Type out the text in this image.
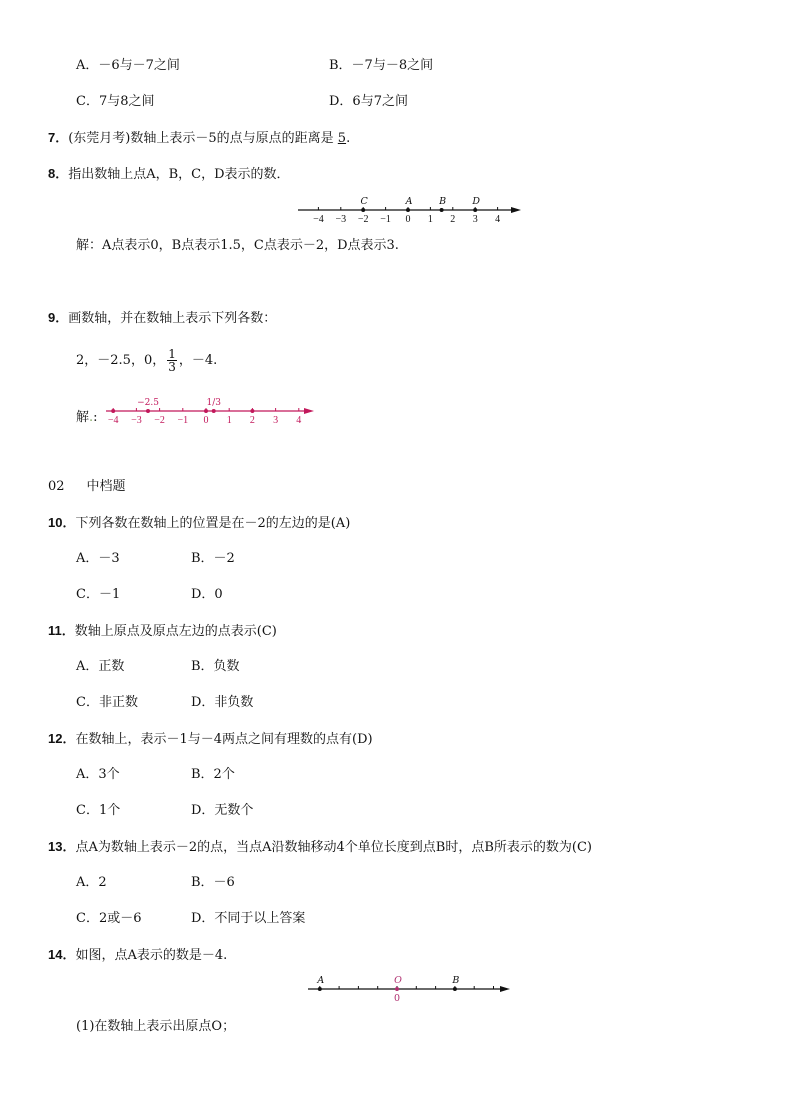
A．－6与－7之间	B．－7与－8之间
C．7与8之间	D．6与7之间
7．(东莞月考)数轴上表示－5的点与原点的距离是 5.
8．指出数轴上点A，B，C，D表示的数．
解：A点表示0，B点表示1.5，C点表示－2，D点表示3.
9．画数轴，并在数轴上表示下列各数：
2，－2.5，0， $\frac{1}{3}$ ，－4.
解.:
02 中档题
10．下列各数在数轴上的位置是在－2的左边的是(A)
A．－3	B．－2
C．－1	D．0
11．数轴上原点及原点左边的点表示(C)
A．正数	B．负数
C．非正数	D．非负数
12．在数轴上，表示－1与－4两点之间有理数的点有(D)
A．3个	B．2个
C．1个	D．无数个
13．点A为数轴上表示－2的点，当点A沿数轴移动4个单位长度到点B时，点B所表示的数为(C)
A．2	B．－6
C．2或－6	D．不同于以上答案
14．如图，点A表示的数是－4.
(1)在数轴上表示出原点O；
−4 −3 −2 −1 0 1 2 3 4
C	A	B	D
−4 −3 −2 −1 0 1 2 3 4
−2.5	1/3
A	O
0
B
